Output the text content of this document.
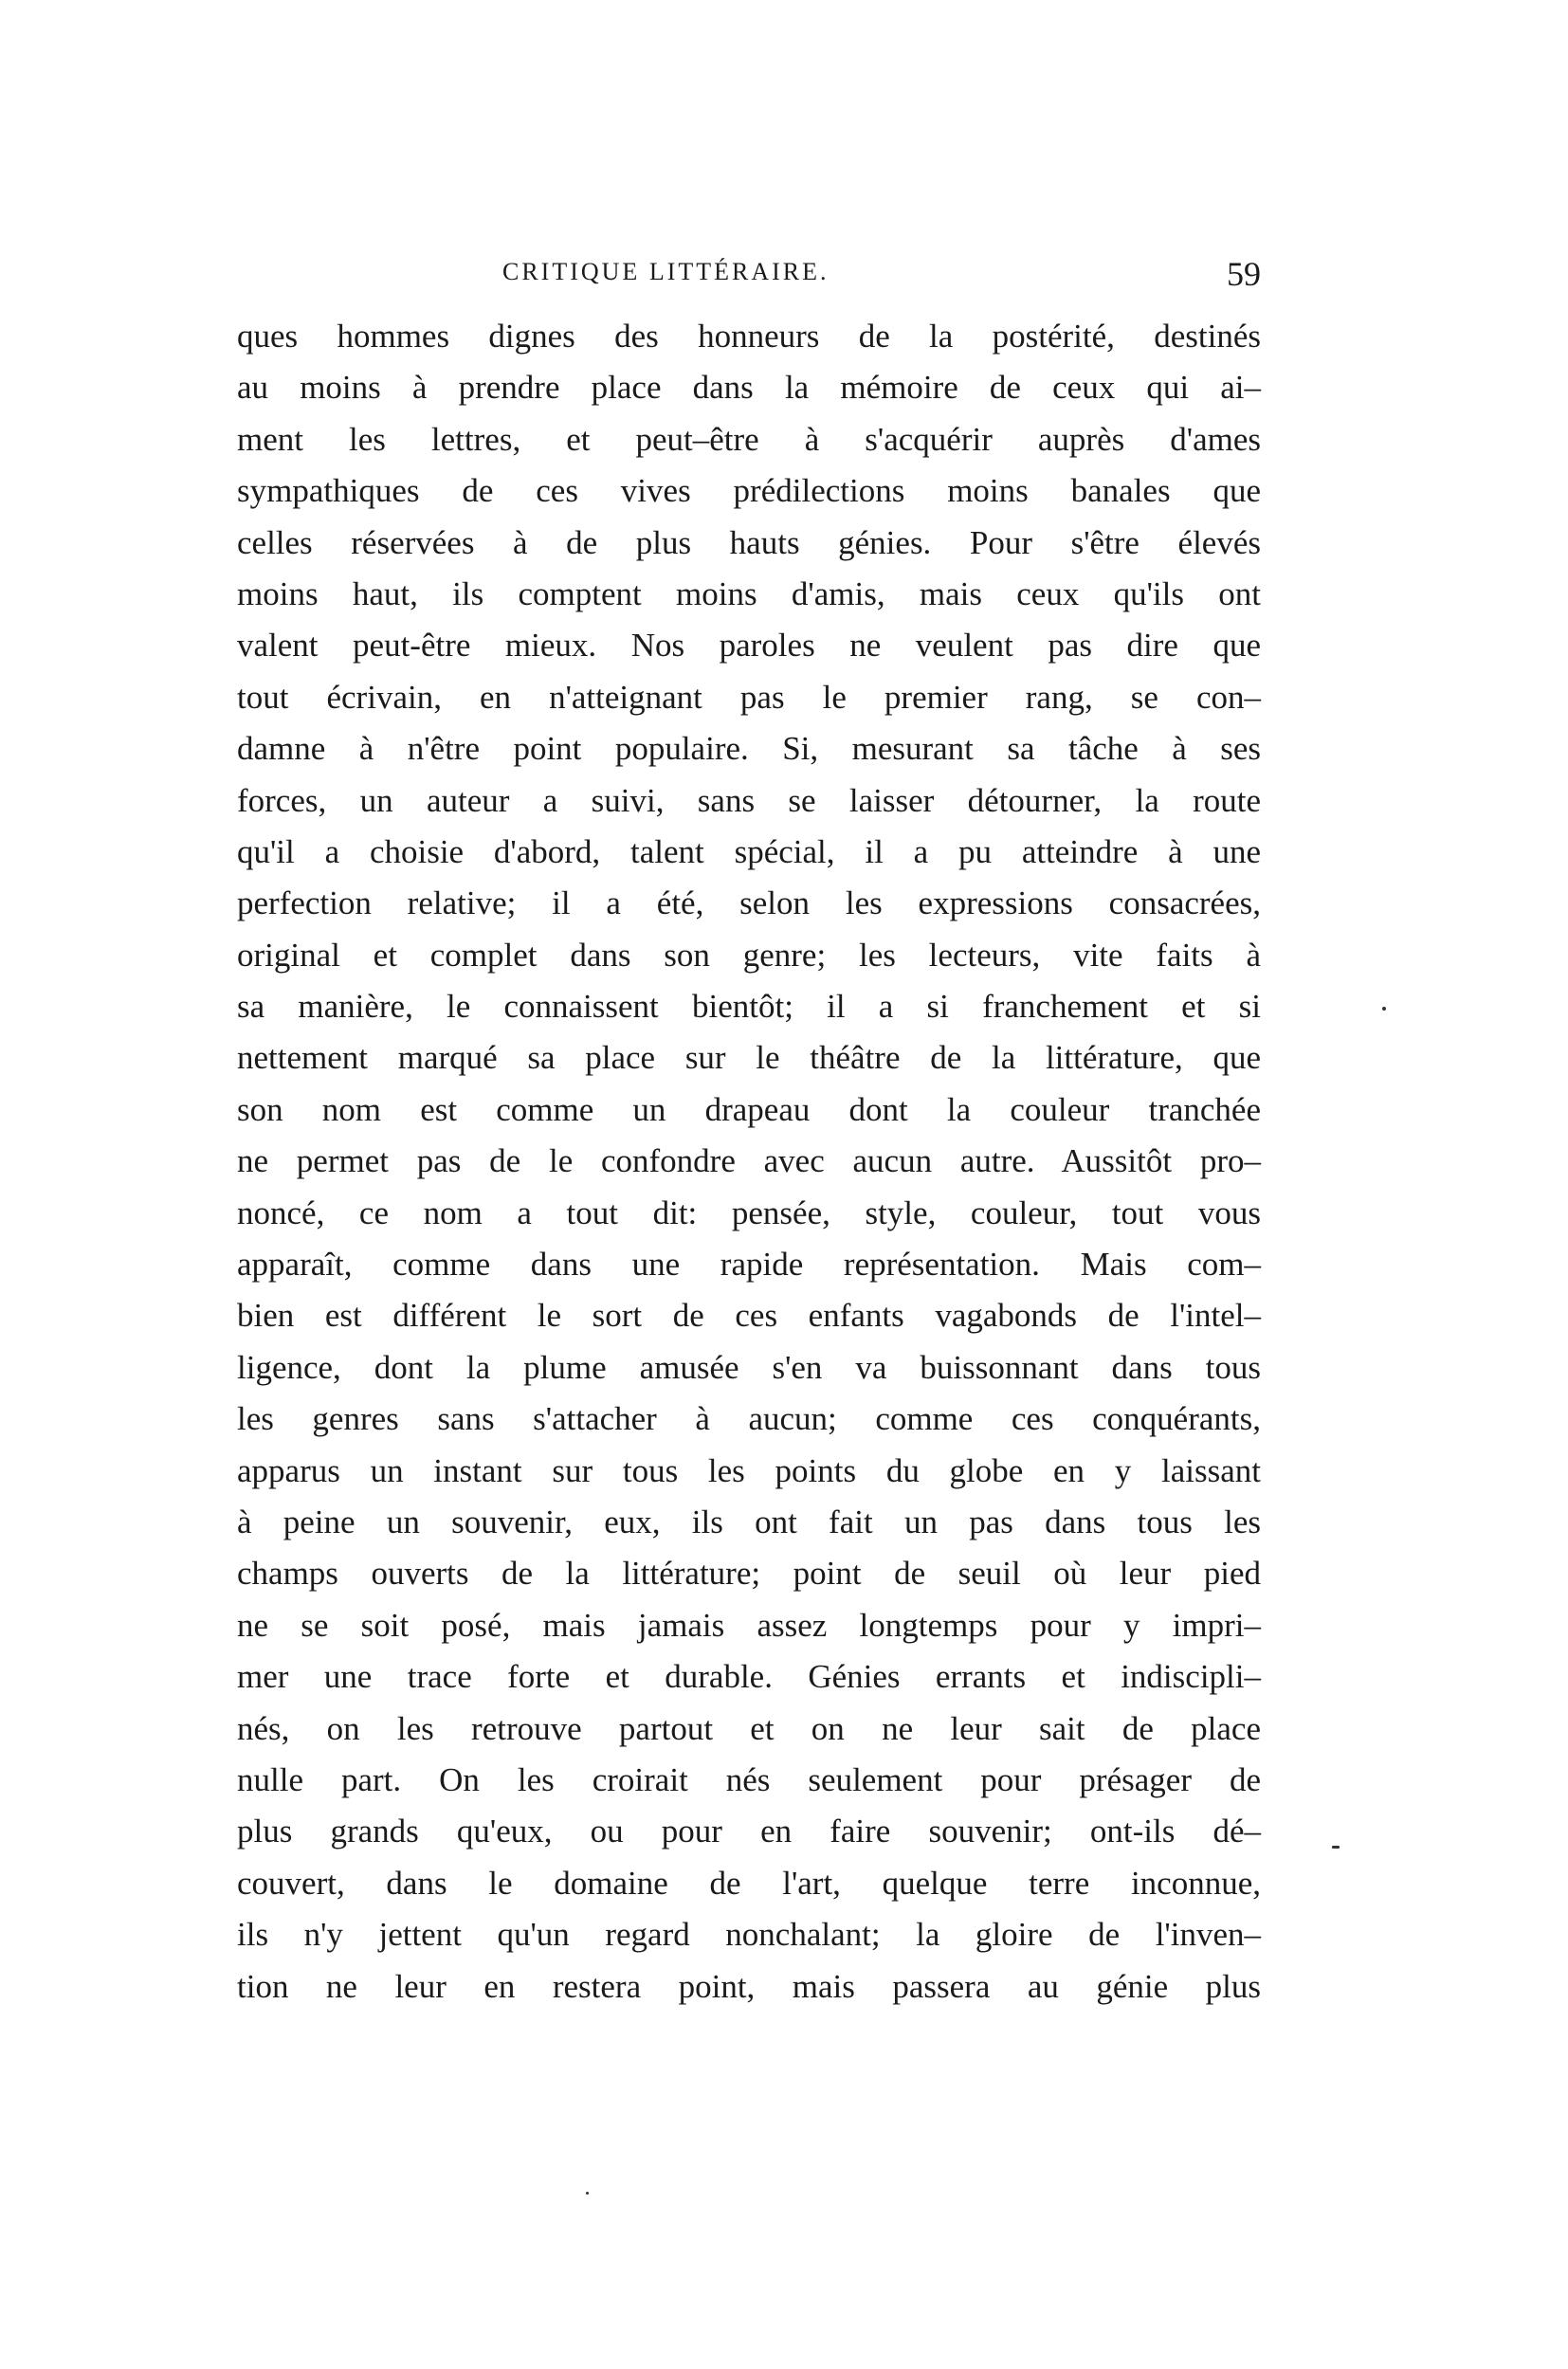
CRITIQUE LITTÉRAIRE.	59
ques hommes dignes des honneurs de la postérité, destinés
au moins à prendre place dans la mémoire de ceux qui ai–
ment les lettres, et peut–être à s'acquérir auprès d'ames
sympathiques de ces vives prédilections moins banales que
celles réservées à de plus hauts génies. Pour s'être élevés
moins haut, ils comptent moins d'amis, mais ceux qu'ils ont
valent peut-être mieux. Nos paroles ne veulent pas dire que
tout écrivain, en n'atteignant pas le premier rang, se con–
damne à n'être point populaire. Si, mesurant sa tâche à ses
forces, un auteur a suivi, sans se laisser détourner, la route
qu'il a choisie d'abord, talent spécial, il a pu atteindre à une
perfection relative; il a été, selon les expressions consacrées,
original et complet dans son genre; les lecteurs, vite faits à
sa manière, le connaissent bientôt; il a si franchement et si
nettement marqué sa place sur le théâtre de la littérature, que
son nom est comme un drapeau dont la couleur tranchée
ne permet pas de le confondre avec aucun autre. Aussitôt pro–
noncé, ce nom a tout dit: pensée, style, couleur, tout vous
apparaît, comme dans une rapide représentation. Mais com–
bien est différent le sort de ces enfants vagabonds de l'intel–
ligence, dont la plume amusée s'en va buissonnant dans tous
les genres sans s'attacher à aucun; comme ces conquérants,
apparus un instant sur tous les points du globe en y laissant
à peine un souvenir, eux, ils ont fait un pas dans tous les
champs ouverts de la littérature; point de seuil où leur pied
ne se soit posé, mais jamais assez longtemps pour y impri–
mer une trace forte et durable. Génies errants et indiscipli–
nés, on les retrouve partout et on ne leur sait de place
nulle part. On les croirait nés seulement pour présager de
plus grands qu'eux, ou pour en faire souvenir; ont-ils dé–
couvert, dans le domaine de l'art, quelque terre inconnue,
ils n'y jettent qu'un regard nonchalant; la gloire de l'inven–
tion ne leur en restera point, mais passera au génie plus
